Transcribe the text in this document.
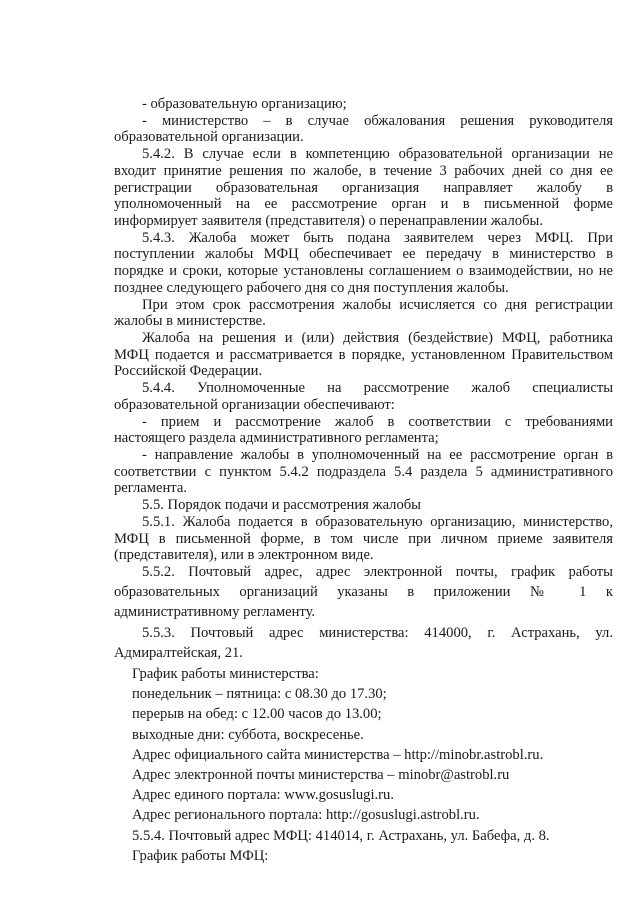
- образовательную организацию;
- министерство – в случае обжалования решения руководителя
образовательной организации.
5.4.2. В случае если в компетенцию образовательной организации не
входит принятие решения по жалобе, в течение 3 рабочих дней со дня ее
регистрации образовательная организация направляет жалобу в
уполномоченный на ее рассмотрение орган и в письменной форме
информирует заявителя (представителя) о перенаправлении жалобы.
5.4.3. Жалоба может быть подана заявителем через МФЦ. При
поступлении жалобы МФЦ обеспечивает ее передачу в министерство в
порядке и сроки, которые установлены соглашением о взаимодействии, но не
позднее следующего рабочего дня со дня поступления жалобы.
При этом срок рассмотрения жалобы исчисляется со дня регистрации
жалобы в министерстве.
Жалоба на решения и (или) действия (бездействие) МФЦ, работника
МФЦ подается и рассматривается в порядке, установленном Правительством
Российской Федерации.
5.4.4. Уполномоченные на рассмотрение жалоб специалисты
образовательной организации обеспечивают:
- прием и рассмотрение жалоб в соответствии с требованиями
настоящего раздела административного регламента;
- направление жалобы в уполномоченный на ее рассмотрение орган в
соответствии с пунктом 5.4.2 подраздела 5.4 раздела 5 административного
регламента.
5.5. Порядок подачи и рассмотрения жалобы
5.5.1. Жалоба подается в образовательную организацию, министерство,
МФЦ в письменной форме, в том числе при личном приеме заявителя
(представителя), или в электронном виде.
5.5.2. Почтовый адрес, адрес электронной почты, график работы
образовательных организаций указаны в приложении № 1 к
административному регламенту.
5.5.3. Почтовый адрес министерства: 414000, г. Астрахань, ул.
Адмиралтейская, 21.
График работы министерства:
понедельник – пятница: с 08.30 до 17.30;
перерыв на обед: с 12.00 часов до 13.00;
выходные дни: суббота, воскресенье.
Адрес официального сайта министерства – http://minobr.astrobl.ru.
Адрес электронной почты министерства – minobr@astrobl.ru
Адрес единого портала: www.gosuslugi.ru.
Адрес регионального портала: http://gosuslugi.astrobl.ru.
5.5.4. Почтовый адрес МФЦ: 414014, г. Астрахань, ул. Бабефа, д. 8.
График работы МФЦ:
